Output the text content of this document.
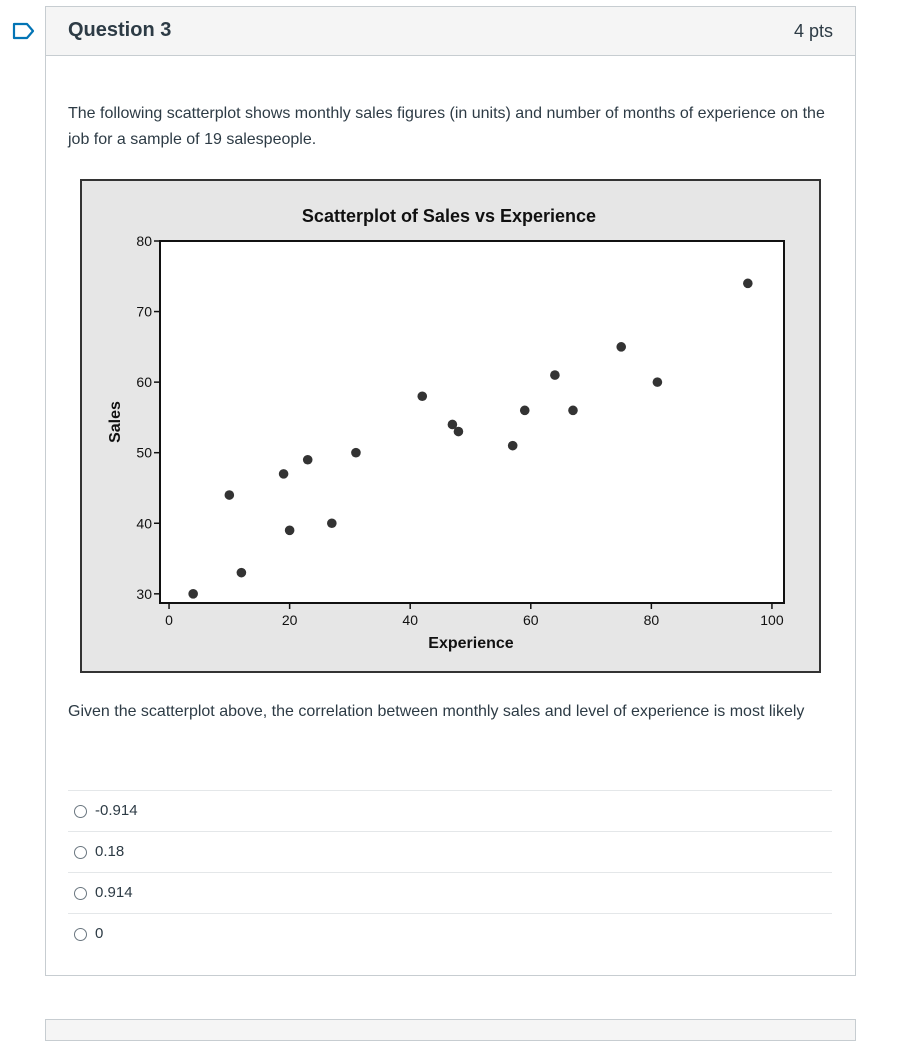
Question 3	4 pts
The following scatterplot shows monthly sales figures (in units) and number of months of experience on the job for a sample of 19 salespeople.
Scatterplot of Sales vs Experience
30
40
50
60
70
80
0	20	40	60	80	100
Experience
Sales
Given the scatterplot above, the correlation between monthly sales and level of experience is most likely
-0.914
0.18
0.914
0
